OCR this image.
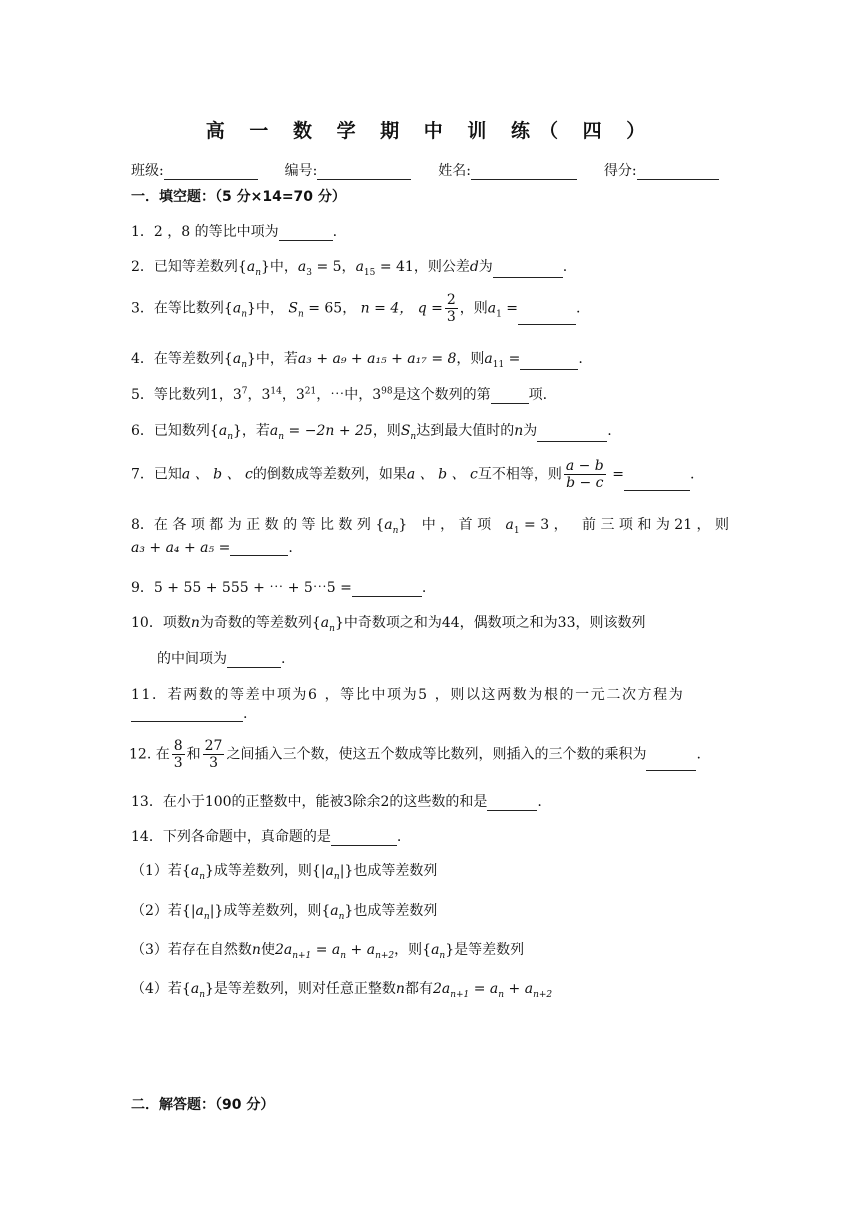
高 一 数 学 期 中 训 练（ 四 ）
班级:	编号:	姓名:	得分:
一．填空题：（5 分×14=70 分）
1．2 ，8 的等比中项为	.
2．已知等差数列$\{a_n\}$中，$a_3 = 5$，$a_{15} = 41$，则公差d为	.
3．在等比数列$\{a_n\}$中， $S_n = 65$， n = 4， $q = \frac{2}{3}$ ，则$a_1$ =	.
4．在等差数列$\{a_n\}$中，若a₃ + a₉ + a₁₅ + a₁₇ = 8，则$a_{11}$ =	.
5．等比数列1，$3^7$，$3^{14}$，$3^{21}$，⋯中，$3^{98}$是这个数列的第	项.
6．已知数列$\{a_n\}$，若$a_n = -2n + 25$，则$S_n$达到最大值时的n为	.
7．已知a 、 b 、 c的倒数成等差数列，如果a 、 b 、 c互不相等，则 $\frac{a - b}{b - c}$ =	.
8．在 各 项 都 为 正 数 的 等 比 数 列 $\{a_n\}$ 中 ， 首 项 $a_1 = 3$ ， 前 三 项 和 为 21 ， 则
a₃ + a₄ + a₅ =	.
9．5 + 55 + 555 + ⋯ + 5⋯5 =	.
10．项数n为奇数的等差数列$\{a_n\}$中奇数项之和为44，偶数项之和为33，则该数列
的中间项为	.
11．若两数的等差中项为6 ，等比中项为5 ，则以这两数为根的一元二次方程为
.
12. 在 $\frac{8}{3}$ 和 $\frac{27}{3}$ 之间插入三个数，使这五个数成等比数列，则插入的三个数的乘积为	.
13．在小于100的正整数中，能被3除余2的这些数的和是	.
14．下列各命题中，真命题的是	.
（1）若$\{a_n\}$成等差数列，则$\{|a_n|\}$也成等差数列
（2）若$\{|a_n|\}$成等差数列，则$\{a_n\}$也成等差数列
（3）若存在自然数n使$2a_{n+1} = a_n + a_{n+2}$，则$\{a_n\}$是等差数列
（4）若$\{a_n\}$是等差数列，则对任意正整数n都有$2a_{n+1} = a_n + a_{n+2}$
二．解答题：（90 分）
